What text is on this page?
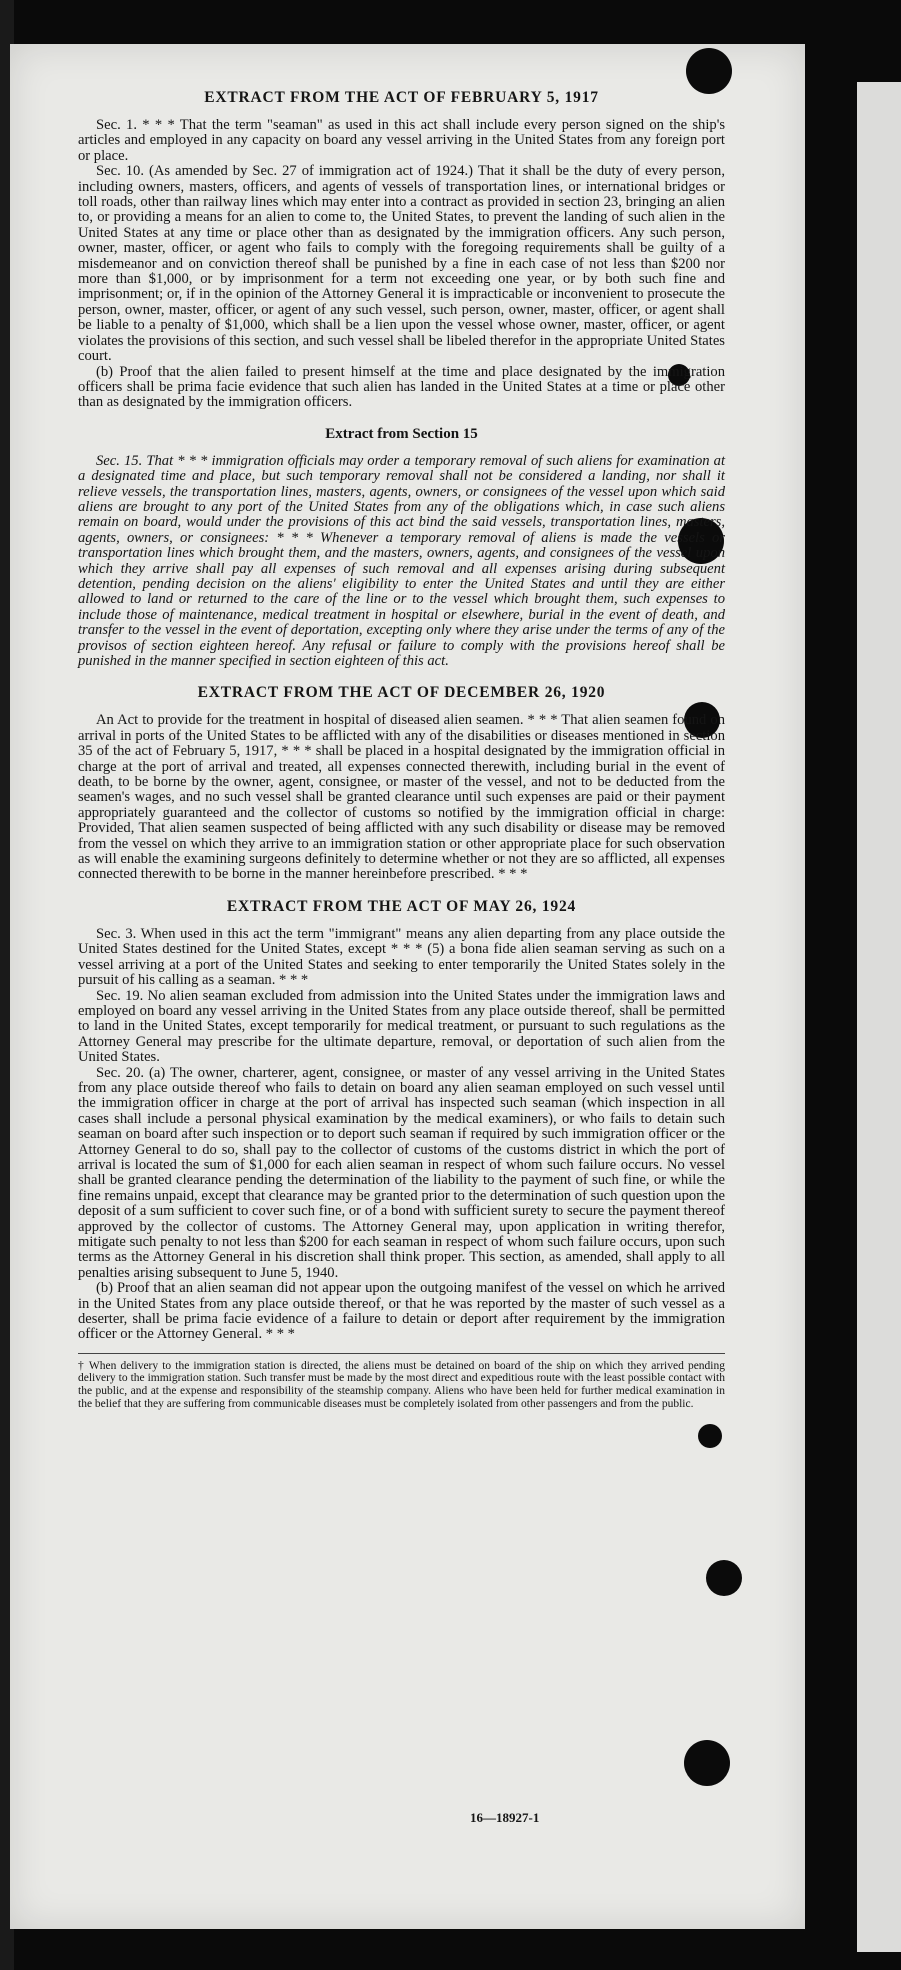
EXTRACT FROM THE ACT OF FEBRUARY 5, 1917

Sec. 1. * * * That the term "seaman" as used in this act shall include every person signed on the ship's articles and employed in any capacity on board any vessel arriving in the United States from any foreign port or place.

Sec. 10. (As amended by Sec. 27 of immigration act of 1924.) That it shall be the duty of every person, including owners, masters, officers, and agents of vessels of transportation lines, or international bridges or toll roads, other than railway lines which may enter into a contract as provided in section 23, bringing an alien to, or providing a means for an alien to come to, the United States, to prevent the landing of such alien in the United States at any time or place other than as designated by the immigration officers. Any such person, owner, master, officer, or agent who fails to comply with the foregoing requirements shall be guilty of a misdemeanor and on conviction thereof shall be punished by a fine in each case of not less than $200 nor more than $1,000, or by imprisonment for a term not exceeding one year, or by both such fine and imprisonment; or, if in the opinion of the Attorney General it is impracticable or inconvenient to prosecute the person, owner, master, officer, or agent of any such vessel, such person, owner, master, officer, or agent shall be liable to a penalty of $1,000, which shall be a lien upon the vessel whose owner, master, officer, or agent violates the provisions of this section, and such vessel shall be libeled therefor in the appropriate United States court.

(b) Proof that the alien failed to present himself at the time and place designated by the immigration officers shall be prima facie evidence that such alien has landed in the United States at a time or place other than as designated by the immigration officers.

Extract from Section 15

Sec. 15. That * * * immigration officials may order a temporary removal of such aliens for examination at a designated time and place, but such temporary removal shall not be considered a landing, nor shall it relieve vessels, the transportation lines, masters, agents, owners, or consignees of the vessel upon which said aliens are brought to any port of the United States from any of the obligations which, in case such aliens remain on board, would under the provisions of this act bind the said vessels, transportation lines, masters, agents, owners, or consignees: * * * Whenever a temporary removal of aliens is made the vessels or transportation lines which brought them, and the masters, owners, agents, and consignees of the vessel upon which they arrive shall pay all expenses of such removal and all expenses arising during subsequent detention, pending decision on the aliens' eligibility to enter the United States and until they are either allowed to land or returned to the care of the line or to the vessel which brought them, such expenses to include those of maintenance, medical treatment in hospital or elsewhere, burial in the event of death, and transfer to the vessel in the event of deportation, excepting only where they arise under the terms of any of the provisos of section eighteen hereof. Any refusal or failure to comply with the provisions hereof shall be punished in the manner specified in section eighteen of this act.

EXTRACT FROM THE ACT OF DECEMBER 26, 1920

An Act to provide for the treatment in hospital of diseased alien seamen. * * * That alien seamen found on arrival in ports of the United States to be afflicted with any of the disabilities or diseases mentioned in section 35 of the act of February 5, 1917, * * * shall be placed in a hospital designated by the immigration official in charge at the port of arrival and treated, all expenses connected therewith, including burial in the event of death, to be borne by the owner, agent, consignee, or master of the vessel, and not to be deducted from the seamen's wages, and no such vessel shall be granted clearance until such expenses are paid or their payment appropriately guaranteed and the collector of customs so notified by the immigration official in charge: Provided, That alien seamen suspected of being afflicted with any such disability or disease may be removed from the vessel on which they arrive to an immigration station or other appropriate place for such observation as will enable the examining surgeons definitely to determine whether or not they are so afflicted, all expenses connected therewith to be borne in the manner hereinbefore prescribed. * * *

EXTRACT FROM THE ACT OF MAY 26, 1924

Sec. 3. When used in this act the term "immigrant" means any alien departing from any place outside the United States destined for the United States, except * * * (5) a bona fide alien seaman serving as such on a vessel arriving at a port of the United States and seeking to enter temporarily the United States solely in the pursuit of his calling as a seaman. * * *

Sec. 19. No alien seaman excluded from admission into the United States under the immigration laws and employed on board any vessel arriving in the United States from any place outside thereof, shall be permitted to land in the United States, except temporarily for medical treatment, or pursuant to such regulations as the Attorney General may prescribe for the ultimate departure, removal, or deportation of such alien from the United States.

Sec. 20. (a) The owner, charterer, agent, consignee, or master of any vessel arriving in the United States from any place outside thereof who fails to detain on board any alien seaman employed on such vessel until the immigration officer in charge at the port of arrival has inspected such seaman (which inspection in all cases shall include a personal physical examination by the medical examiners), or who fails to detain such seaman on board after such inspection or to deport such seaman if required by such immigration officer or the Attorney General to do so, shall pay to the collector of customs of the customs district in which the port of arrival is located the sum of $1,000 for each alien seaman in respect of whom such failure occurs. No vessel shall be granted clearance pending the determination of the liability to the payment of such fine, or while the fine remains unpaid, except that clearance may be granted prior to the determination of such question upon the deposit of a sum sufficient to cover such fine, or of a bond with sufficient surety to secure the payment thereof approved by the collector of customs. The Attorney General may, upon application in writing therefor, mitigate such penalty to not less than $200 for each seaman in respect of whom such failure occurs, upon such terms as the Attorney General in his discretion shall think proper. This section, as amended, shall apply to all penalties arising subsequent to June 5, 1940.

(b) Proof that an alien seaman did not appear upon the outgoing manifest of the vessel on which he arrived in the United States from any place outside thereof, or that he was reported by the master of such vessel as a deserter, shall be prima facie evidence of a failure to detain or deport after requirement by the immigration officer or the Attorney General. * * *

† When delivery to the immigration station is directed, the aliens must be detained on board of the ship on which they arrived pending delivery to the immigration station. Such transfer must be made by the most direct and expeditious route with the least possible contact with the public, and at the expense and responsibility of the steamship company. Aliens who have been held for further medical examination in the belief that they are suffering from communicable diseases must be completely isolated from other passengers and from the public.
16—18927-1
